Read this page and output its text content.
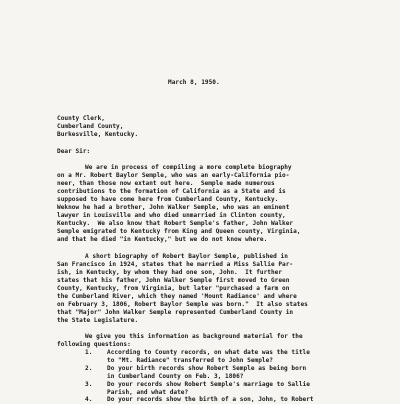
March 8, 1950.
County Clerk,
Cumberland County,
Burkesville, Kentucky.
Dear Sir:
We are in process of compiling a more complete biography
on a Mr. Robert Baylor Semple, who was an early-California pio-
neer, than those now extant out here.  Semple made numerous
contributions to the formation of California as a State and is
supposed to have come here from Cumberland County, Kentucky.
Weknow he had a brother, John Walker Semple, who was an eminent
lawyer in Louisville and who died unmarried in Clinton county,
Kentucky.  We also know that Robert Semple's father, John Walker
Semple emigrated to Kentucky from King and Queen county, Virginia,
and that he died "in Kentucky," but we do not know where.
A short biography of Robert Baylor Semple, published in
San Francisco in 1924, states that he married a Miss Sallie Par-
ish, in Kentucky, by whom they had one son, John.  It further
states that his father, John Walker Semple first moved to Green
County, Kentucky, from Virginia, but later "purchased a farm on
the Cumberland River, which they named 'Mount Radiance' and where
on February 3, 1806, Robert Baylor Semple was born."  It also states
that "Major" John Walker Semple represented Cumberland County in
the State Legislature.
We give you this information as background material for the
following questions:
1. According to County records, on what date was the title
to "Mt. Radiance" transferred to John Semple?
2. Do your birth records show Robert Semple as being born
in Cumberland County on Feb. 3, 1806?
3. Do your records show Robert Semple's marriage to Sallie
Parish, and what date?
4. Do your records show the birth of a son, John, to Robert
